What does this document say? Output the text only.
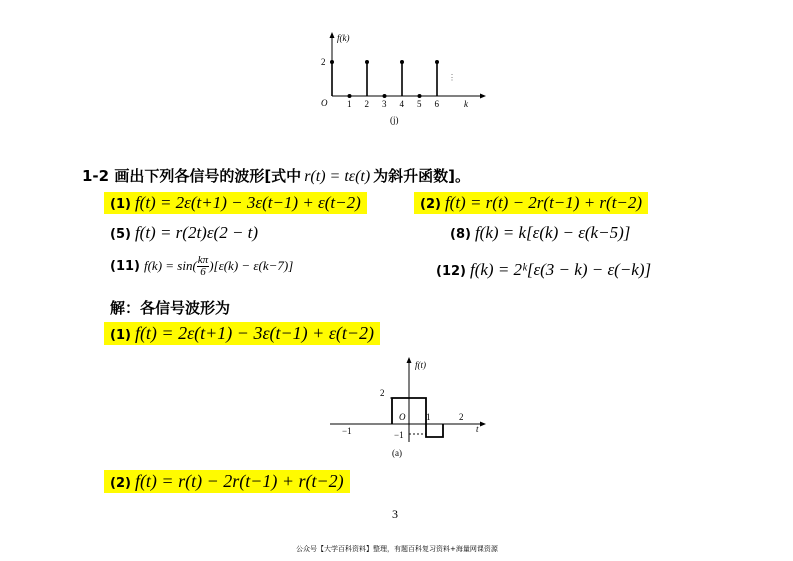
f(k)
2
O 1 2 3 4 5 6	k
⋮
(j)
1-2 画出下列各信号的波形[式中 r(t) = tε(t) 为斜升函数]。
(1) f(t) = 2ε(t+1) − 3ε(t−1) + ε(t−2)	(2) f(t) = r(t) − 2r(t−1) + r(t−2)
(5) f(t) = r(2t)ε(2 − t)	(8) f(k) = k[ε(k) − ε(k−5)]
(11) $f(k) = \sin( \frac{k\pi}{6} )[\varepsilon(k) - \varepsilon(k-7)]$	(12) f(k) = 2ᵏ[ε(3 − k) − ε(−k)]
解：各信号波形为
(1) f(t) = 2ε(t+1) − 3ε(t−1) + ε(t−2)
f(t)
2
O
−1
−1
1	2
t
(a)
(2) f(t) = r(t) − 2r(t−1) + r(t−2)
3
公众号【大学百科资料】整理，有题百科复习资料+海量网课资源
